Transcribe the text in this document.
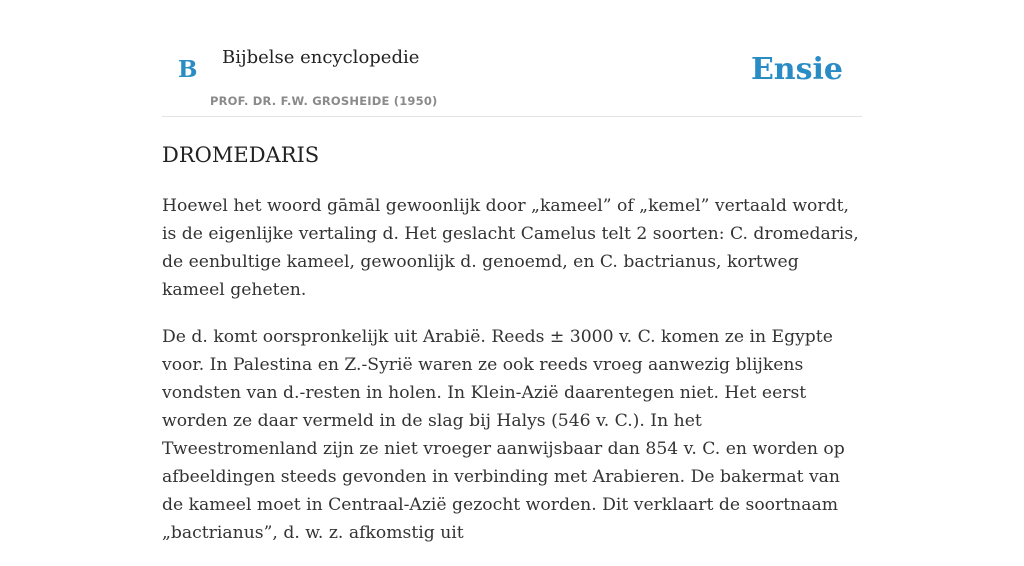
B Bijbelse encyclopedie
PROF. DR. F.W. GROSHEIDE (1950)
Ensie
DROMEDARIS

Hoewel het woord gāmāl gewoonlijk door „kameel” of „kemel” vertaald wordt, is de eigenlijke vertaling d. Het geslacht Camelus telt 2 soorten: C. dromedaris, de eenbultige kameel, gewoonlijk d. genoemd, en C. bactrianus, kortweg kameel geheten.

De d. komt oorspronkelijk uit Arabië. Reeds ± 3000 v. C. komen ze in Egypte voor. In Palestina en Z.-Syrië waren ze ook reeds vroeg aanwezig blijkens vondsten van d.-resten in holen. In Klein-Azië daarentegen niet. Het eerst worden ze daar vermeld in de slag bij Halys (546 v. C.). In het Tweestromenland zijn ze niet vroeger aanwijsbaar dan 854 v. C. en worden op afbeeldingen steeds gevonden in verbinding met Arabieren. De bakermat van de kameel moet in Centraal-Azië gezocht worden. Dit verklaart de soortnaam „bactrianus”, d. w. z. afkomstig uit
